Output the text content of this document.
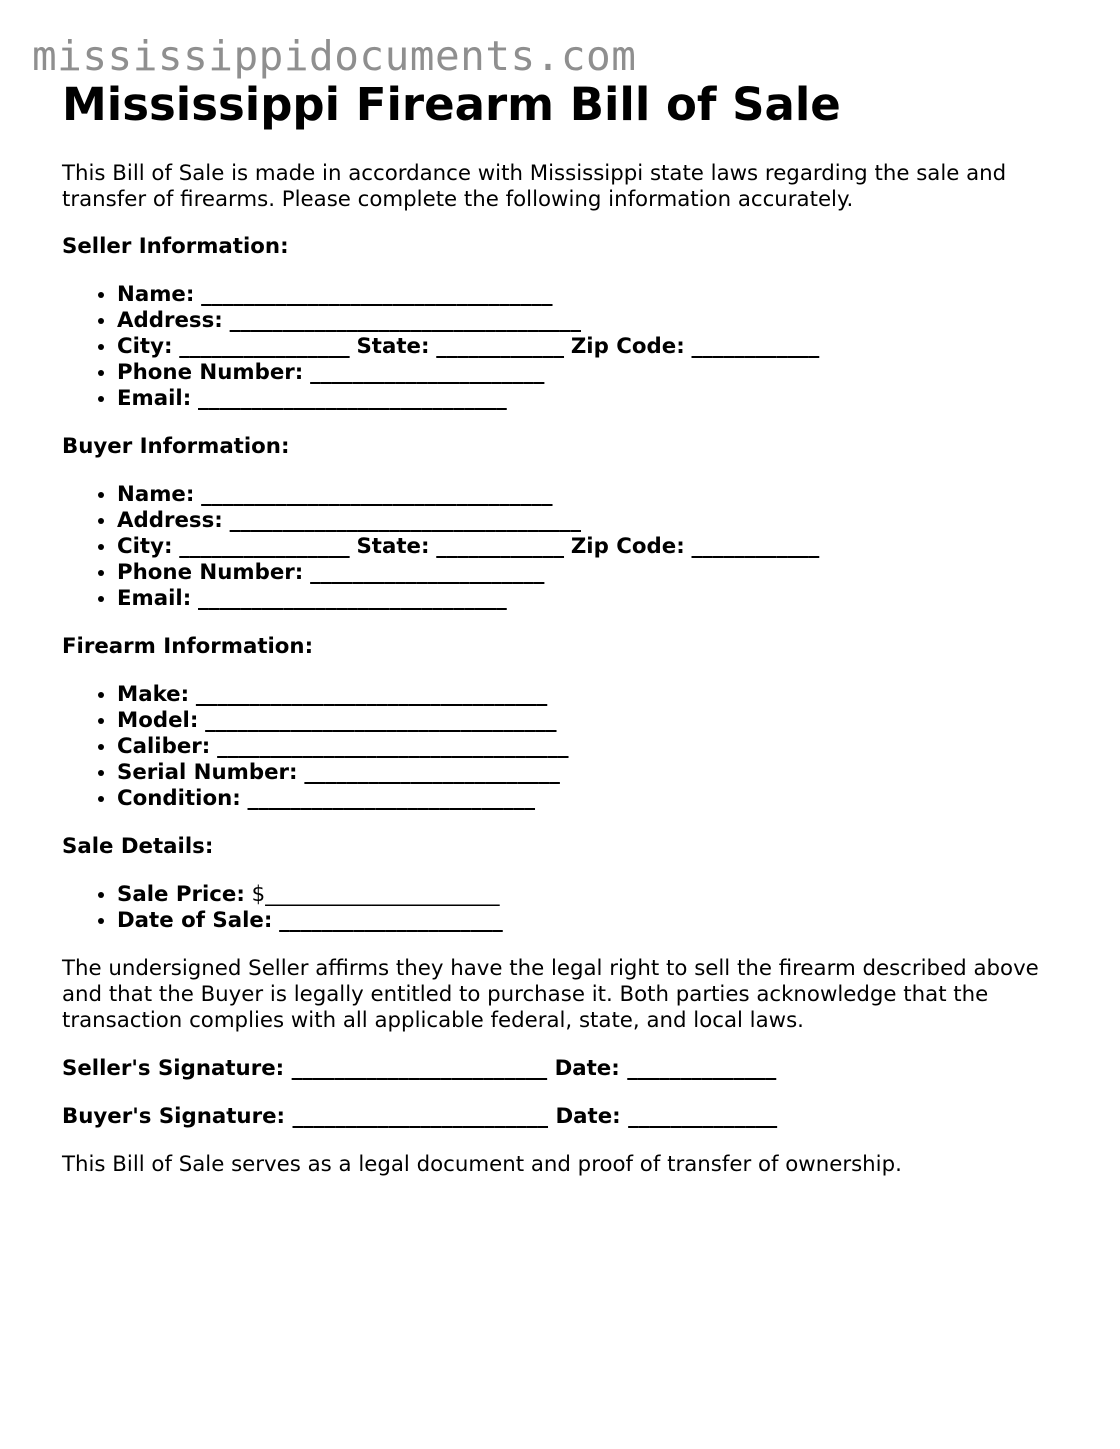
mississippidocuments.com
Mississippi Firearm Bill of Sale

This Bill of Sale is made in accordance with Mississippi state laws regarding the sale and transfer of firearms. Please complete the following information accurately.

Seller Information:

• Name: _________________________________
• Address: _________________________________
• City: ________________ State: ____________ Zip Code: ____________
• Phone Number: ______________________
• Email: _____________________________

Buyer Information:

• Name: _________________________________
• Address: _________________________________
• City: ________________ State: ____________ Zip Code: ____________
• Phone Number: ______________________
• Email: _____________________________

Firearm Information:

• Make: _________________________________
• Model: _________________________________
• Caliber: _________________________________
• Serial Number: ________________________
• Condition: ___________________________

Sale Details:

• Sale Price: $______________________
• Date of Sale: _____________________

The undersigned Seller affirms they have the legal right to sell the firearm described above and that the Buyer is legally entitled to purchase it. Both parties acknowledge that the transaction complies with all applicable federal, state, and local laws.

Seller's Signature: ________________________ Date: ______________

Buyer's Signature: ________________________ Date: ______________

This Bill of Sale serves as a legal document and proof of transfer of ownership.
